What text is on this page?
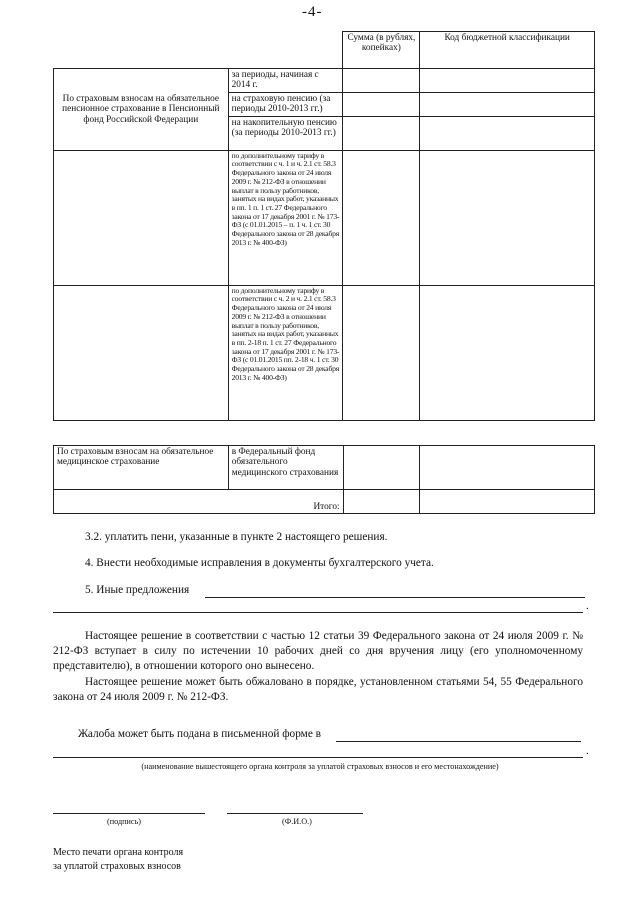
-4-
		Сумма (в рублях, копейках)	Код бюджетной классификации
По страховым взносам на обязательное пенсионное страхование в Пенсионный фонд Российской Федерации	за периоды, начиная с 2014 г.		
	на страховую пенсию (за периоды 2010-2013 гг.)		
	на накопительную пенсию (за периоды 2010-2013 гг.)		
	по дополнительному тарифу в соответствии с ч. 1 и ч. 2.1 ст. 58.3 Федерального закона от 24 июля 2009 г. № 212-ФЗ в отношении выплат в пользу работников, занятых на видах работ, указанных в пп. 1 п. 1 ст. 27 Федерального закона от 17 декабря 2001 г. № 173-ФЗ (с 01.01.2015 – п. 1 ч. 1 ст. 30 Федерального закона от 28 декабря 2013 г. № 400-ФЗ)		
	по дополнительному тарифу в соответствии с ч. 2 и ч. 2.1 ст. 58.3 Федерального закона от 24 июля 2009 г. № 212-ФЗ в отношении выплат в пользу работников, занятых на видах работ, указанных в пп. 2-18 п. 1 ст. 27 Федерального закона от 17 декабря 2001 г. № 173-ФЗ (с 01.01.2015 пп. 2-18 ч. 1 ст. 30 Федерального закона от 28 декабря 2013 г. № 400-ФЗ)		
По страховым взносам на обязательное медицинское страхование	в Федеральный фонд обязательного медицинского страхования		
Итого:			
3.2. уплатить пени, указанные в пункте 2 настоящего решения.
4. Внести необходимые исправления в документы бухгалтерского учета.
5. Иные предложения
.
Настоящее решение в соответствии с частью 12 статьи 39 Федерального закона от 24 июля 2009 г. № 212-ФЗ вступает в силу по истечении 10 рабочих дней со дня вручения лицу (его уполномоченному представителю), в отношении которого оно вынесено.
Настоящее решение может быть обжаловано в порядке, установленном статьями 54, 55 Федерального закона от 24 июля 2009 г. № 212-ФЗ.
Жалоба может быть подана в письменной форме в
.
(наименование вышестоящего органа контроля за уплатой страховых взносов и его местонахождение)
(подпись)	(Ф.И.О.)
Место печати органа контроля
за уплатой страховых взносов
